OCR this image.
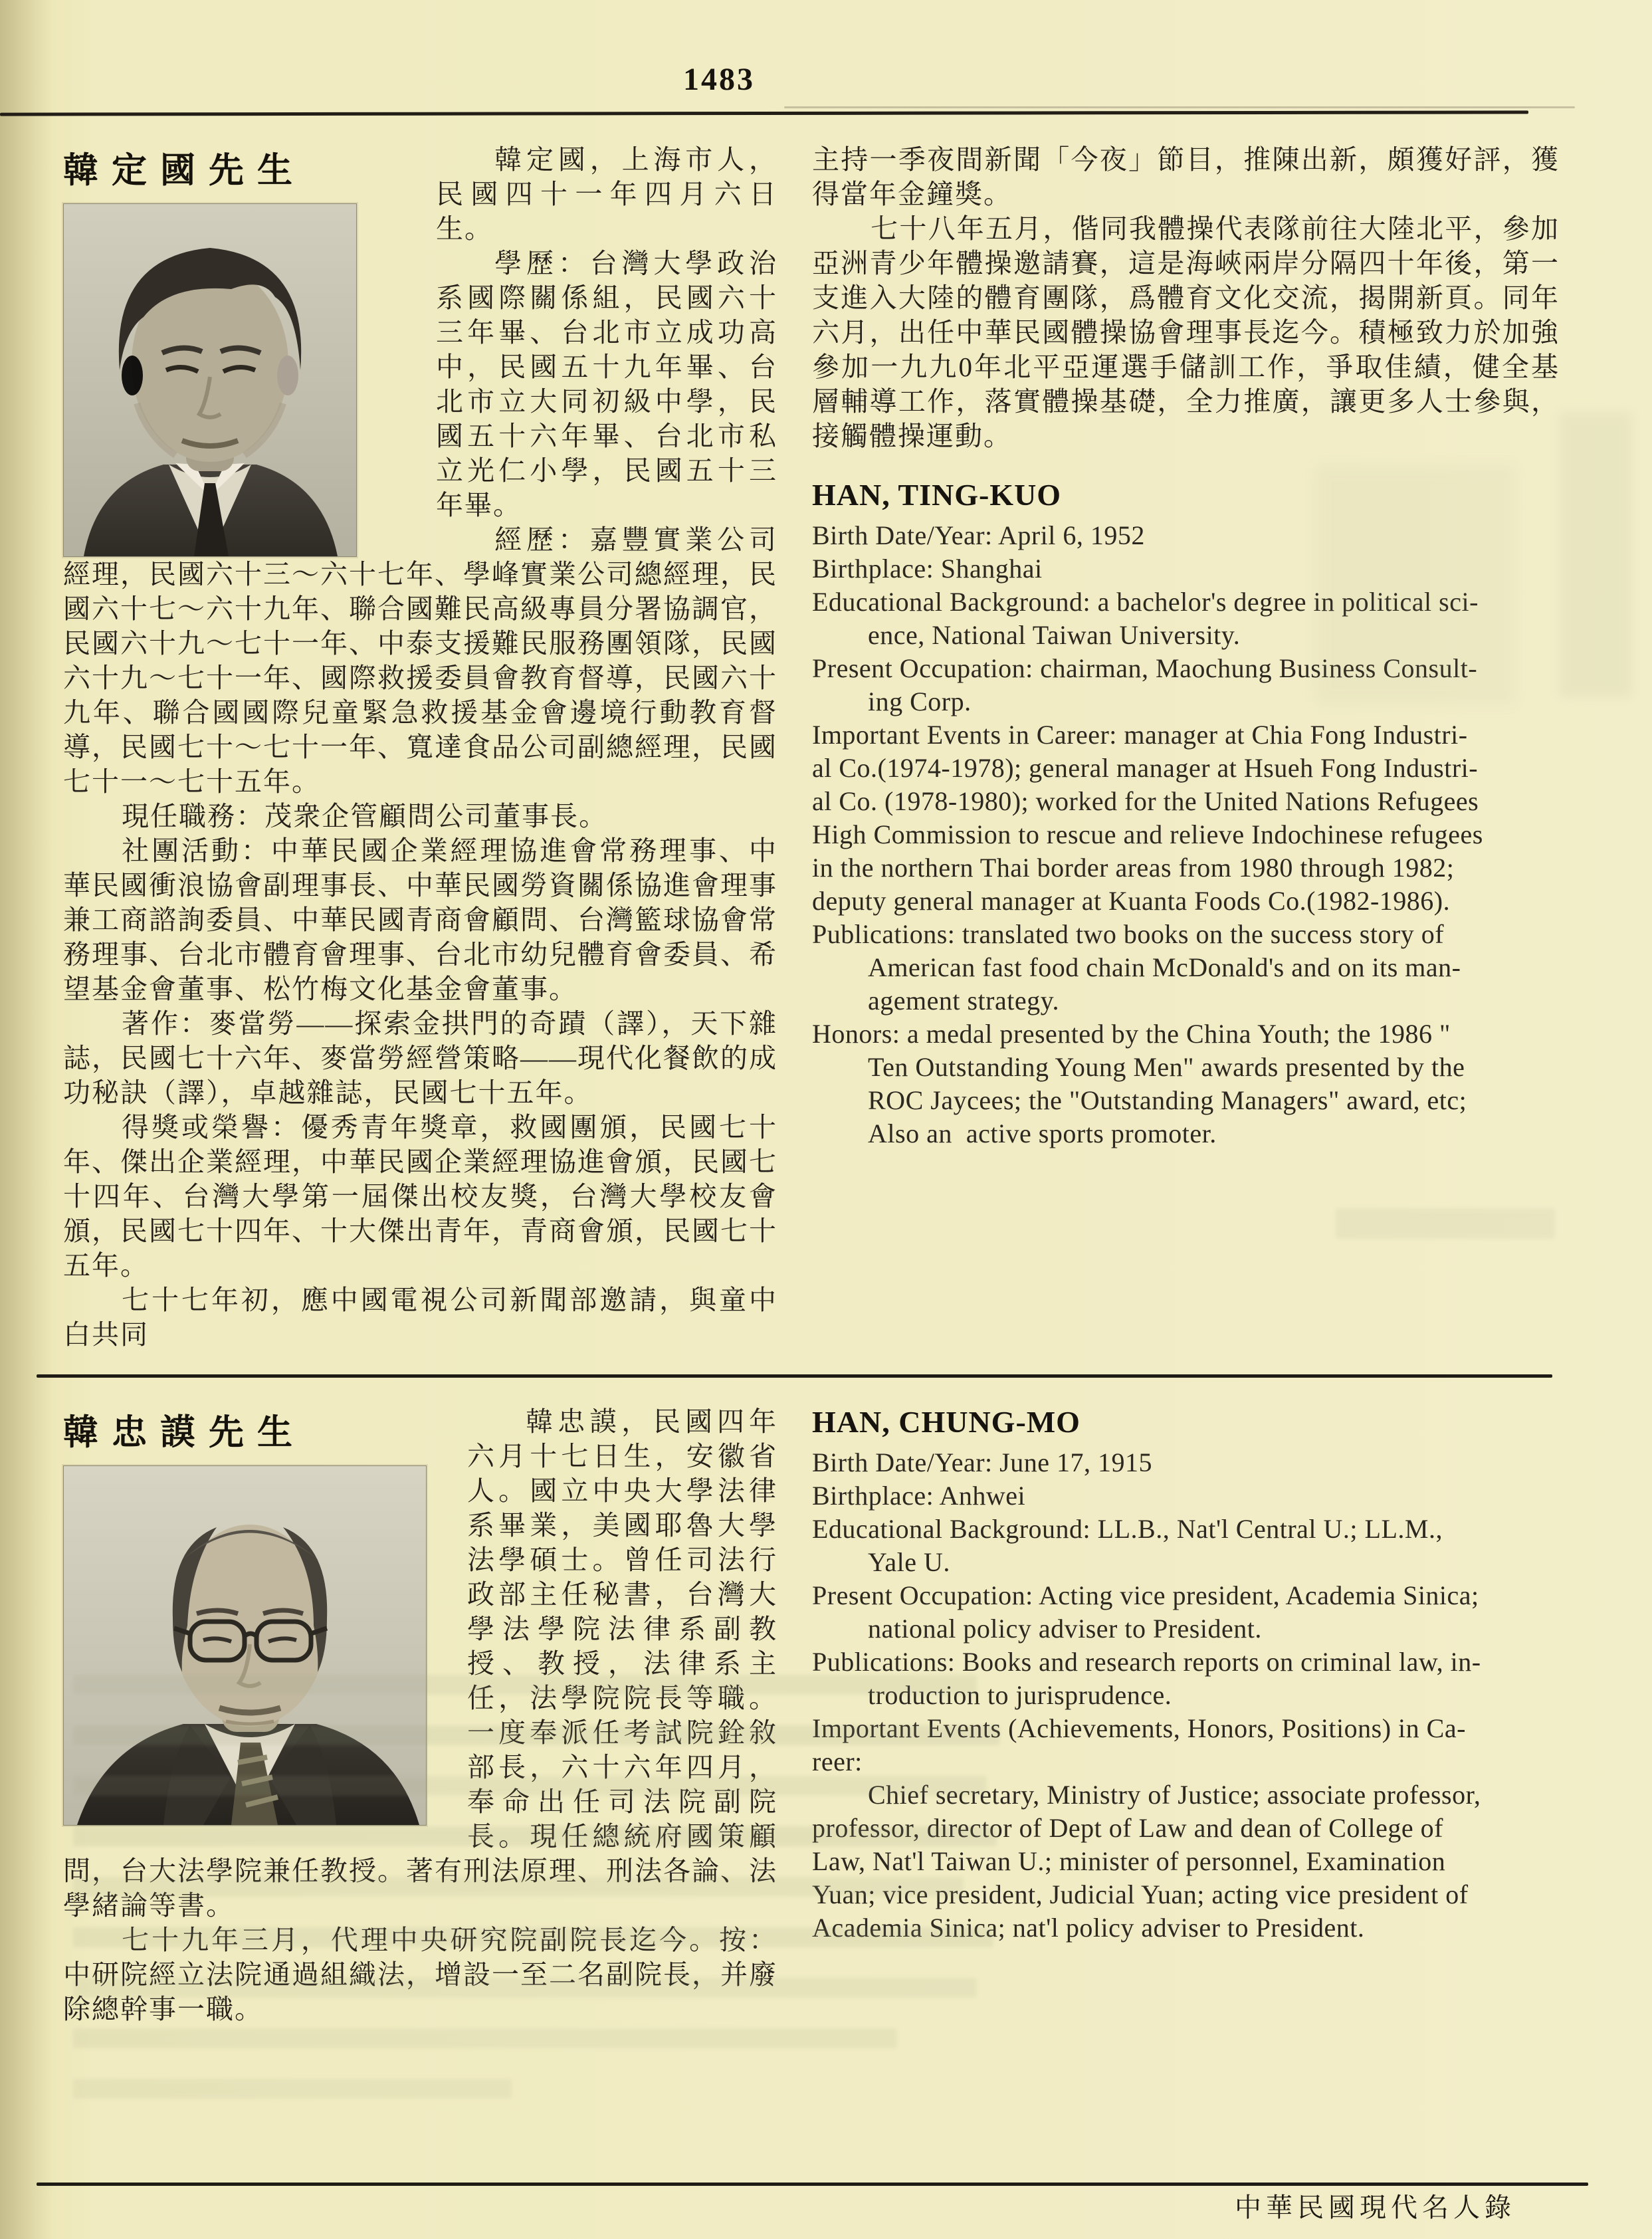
1483
韓定國先生	韓定國，上海市人，民國四十一年四月六日生。
學歷：台灣大學政治系國際關係組，民國六十三年畢、台北市立成功高中，民國五十九年畢、台北市立大同初級中學，民國五十六年畢、台北市私立光仁小學，民國五十三年畢。
經歷：嘉豐實業公司經理，民國六十三～六十七年、學峰實業公司總經理，民國六十七～六十九年、聯合國難民高級專員分署協調官，民國六十九～七十一年、中泰支援難民服務團領隊，民國六十九～七十一年、國際救援委員會教育督導，民國六十九年、聯合國國際兒童緊急救援基金會邊境行動教育督導，民國七十～七十一年、寬達食品公司副總經理，民國七十一～七十五年。
現任職務：茂衆企管顧問公司董事長。
社團活動：中華民國企業經理協進會常務理事、中華民國衝浪協會副理事長、中華民國勞資關係協進會理事兼工商諮詢委員、中華民國青商會顧問、台灣籃球協會常務理事、台北市體育會理事、台北市幼兒體育會委員、希望基金會董事、松竹梅文化基金會董事。
著作：麥當勞——探索金拱門的奇蹟（譯），天下雜誌，民國七十六年、麥當勞經營策略——現代化餐飲的成功秘訣（譯），卓越雜誌，民國七十五年。
得獎或榮譽：優秀青年獎章，救國團頒，民國七十年、傑出企業經理，中華民國企業經理協進會頒，民國七十四年、台灣大學第一屆傑出校友獎，台灣大學校友會頒，民國七十四年、十大傑出青年，青商會頒，民國七十五年。
七十七年初，應中國電視公司新聞部邀請，與童中白共同

主持一季夜間新聞「今夜」節目，推陳出新，頗獲好評，獲得當年金鐘獎。

七十八年五月，偕同我體操代表隊前往大陸北平，參加亞洲青少年體操邀請賽，這是海峽兩岸分隔四十年後，第一支進入大陸的體育團隊，爲體育文化交流，揭開新頁。同年六月，出任中華民國體操協會理事長迄今。積極致力於加強參加一九九0年北平亞運選手儲訓工作，爭取佳績，健全基層輔導工作，落實體操基礎，全力推廣，讓更多人士參與，接觸體操運動。

HAN, TING-KUO
Birth Date/Year: April 6, 1952
Birthplace: Shanghai
Educational Background: a bachelor's degree in political sci-
ence, National Taiwan University.
Present Occupation: chairman, Maochung Business Consult-
ing Corp.
Important Events in Career: manager at Chia Fong Industri-
al Co.(1974-1978); general manager at Hsueh Fong Industri-
al Co. (1978-1980); worked for the United Nations Refugees
High Commission to rescue and relieve Indochinese refugees
in the northern Thai border areas from 1980 through 1982;
deputy general manager at Kuanta Foods Co.(1982-1986).
Publications: translated two books on the success story of
American fast food chain McDonald's and on its man-
agement strategy.
Honors: a medal presented by the China Youth; the 1986 "
Ten Outstanding Young Men" awards presented by the
ROC Jaycees; the "Outstanding Managers" award, etc;
Also an  active sports promoter.
韓忠謨先生	韓忠謨，民國四年六月十七日生，安徽省人。國立中央大學法律系畢業，美國耶魯大學法學碩士。曾任司法行政部主任秘書，台灣大學法學院法律系副教授、教授，法律系主任，法學院院長等職。一度奉派任考試院銓敘部長，六十六年四月，奉命出任司法院副院長。現任總統府國策顧問，台大法學院兼任教授。著有刑法原理、刑法各論、法學緒論等書。
七十九年三月，代理中央研究院副院長迄今。按：中研院經立法院通過組織法，增設一至二名副院長，并廢除總幹事一職。
HAN, CHUNG-MO
Birth Date/Year: June 17, 1915
Birthplace: Anhwei
Educational Background: LL.B., Nat'l Central U.; LL.M.,
Yale U.
Present Occupation: Acting vice president, Academia Sinica;
national policy adviser to President.
Publications: Books and research reports on criminal law, in-
troduction to jurisprudence.
Important Events (Achievements, Honors, Positions) in Ca-
reer:
Chief secretary, Ministry of Justice; associate professor,
professor, director of Dept of Law and dean of College of
Law, Nat'l Taiwan U.; minister of personnel, Examination
Yuan; vice president, Judicial Yuan; acting vice president of
Academia Sinica; nat'l policy adviser to President.
中華民國現代名人錄
